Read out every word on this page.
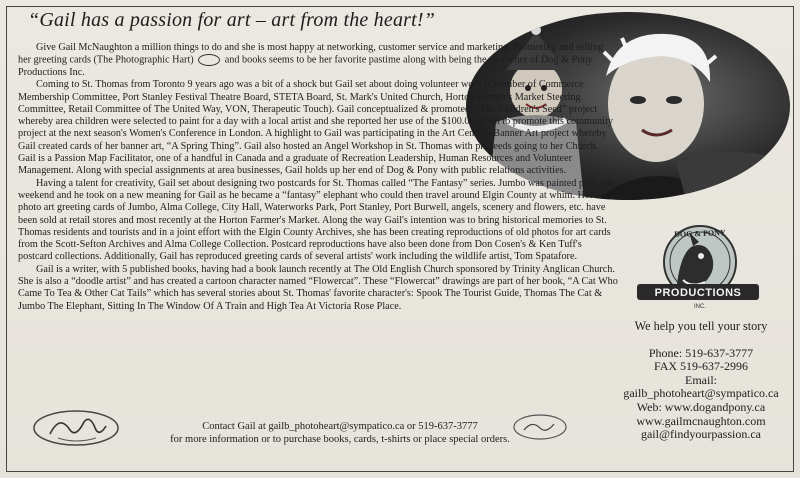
“Gail has a passion for art – art from the heart!”

Give Gail McNaughton a million things to do and she is most happy at networking, customer service and marketing. Promoting and selling her greeting cards (The Photographic Hart)	and books seems to be her favorite pastime along with being the co-owner of Dog & Pony Productions Inc.

Coming to St. Thomas from Toronto 9 years ago was a bit of a shock but Gail set about doing volunteer work (Chamber of Commerce Membership Committee, Port Stanley Festival Theatre Board, STETA Board, St. Mark's United Church, Horton Farmer's Market Steering Committee, Retail Committee of The United Way, VON, Therapeutic Touch). Gail conceptualized & promoted, “The Children's Seed” project whereby area children were selected to paint for a day with a local artist and she reported her use of the $100.00 given to promote this community project at the next season's Women's Conference in London. A highlight to Gail was participating in the Art Centre's Banner Art project whereby Gail created cards of her banner art, “A Spring Thing”. Gail also hosted an Angel Workshop in St. Thomas with proceeds going to her Church. Gail is a Passion Map Facilitator, one of a handful in Canada and a graduate of Recreation Leadership, Human Resources and Volunteer Management. Along with special assignments at area businesses, Gail holds up her end of Dog & Pony with public relations activities.

Having a talent for creativity, Gail set about designing two postcards for St. Thomas called “The Fantasy” series. Jumbo was painted pink one weekend and he took on a new meaning for Gail as he became a “fantasy” elephant who could then travel around Elgin County at whim. Her photo art greeting cards of Jumbo, Alma College, City Hall, Waterworks Park, Port Stanley, Port Burwell, angels, scenery and flowers, etc. have been sold at retail stores and most recently at the Horton Farmer's Market. Along the way Gail's intention was to bring historical memories to St. Thomas residents and tourists and in a joint effort with the Elgin County Archives, she has been creating reproductions of old photos for art cards from the Scott-Sefton Archives and Alma College Collection. Postcard reproductions have also been done from Don Cosen's & Ken Tuff's postcard collections. Additionally, Gail has reproduced greeting cards of several artists' work including the wildlife artist, Tom Spataforе.

Gail is a writer, with 5 published books, having had a book launch recently at The Old English Church sponsored by Trinity Anglican Church. She is also a “doodle artist” and has created a cartoon character named “Flowercat”. These “Flowercat” drawings are part of her book, “A Cat Who Came To Tea & Other Cat Tails” which has several stories about St. Thomas' favorite character's: Spook The Tourist Guide, Thomas The Cat & Jumbo The Elephant, Sitting In The Window Of A Train and High Tea At Victoria Rose Place.

DOG & PONY
PRODUCTIONS
INC.
We help you tell your story
Phone: 519-637-3777
FAX 519-637-2996
Email:
gailb_photoheart@sympatico.ca
Web: www.dogandpony.ca
www.gailmcnaughton.com
gail@findyourpassion.ca
Contact Gail at gailb_photoheart@sympatico.ca or 519-637-3777
for more information or to purchase books, cards, t-shirts or place special orders.
